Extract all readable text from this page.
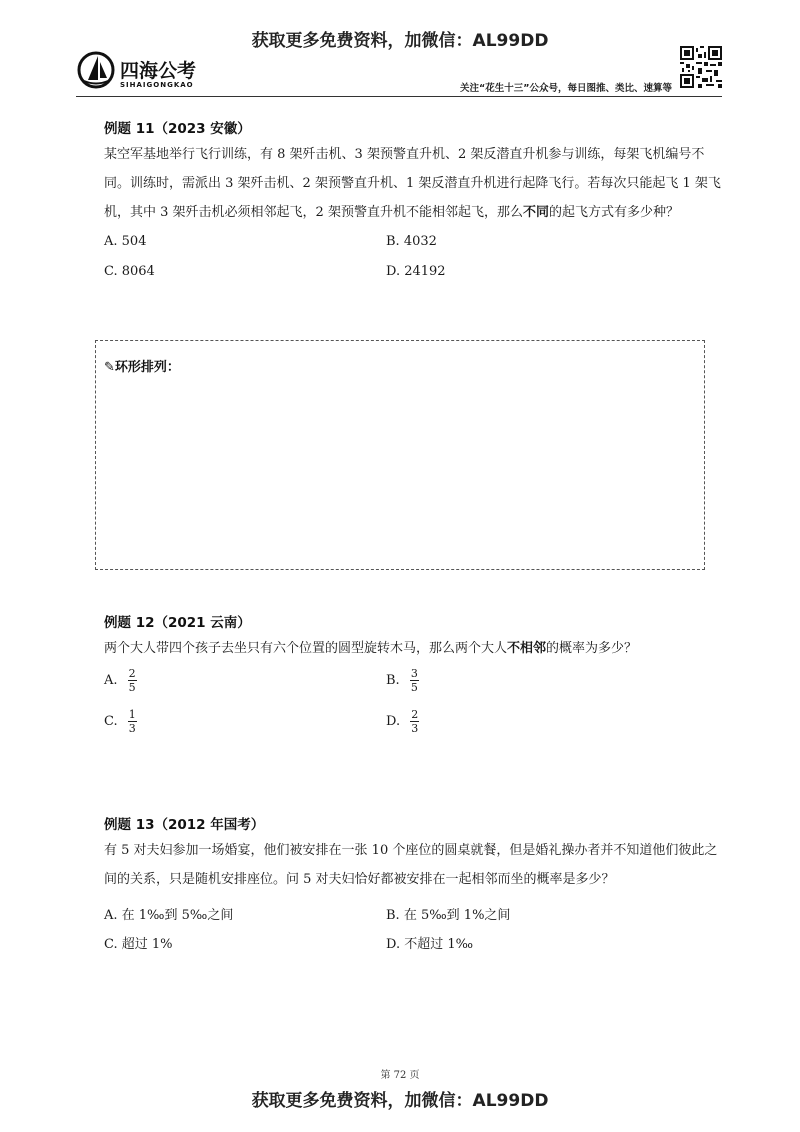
获取更多免费资料，加微信：AL99DD
四海公考
SIHAIGONGKAO	关注“花生十三”公众号，每日图推、类比、速算等
例题 11（2023 安徽）
某空军基地举行飞行训练，有 8 架歼击机、3 架预警直升机、2 架反潜直升机参与训练，每架飞机编号不同。训练时，需派出 3 架歼击机、2 架预警直升机、1 架反潜直升机进行起降飞行。若每次只能起飞 1 架飞机，其中 3 架歼击机必须相邻起飞，2 架预警直升机不能相邻起飞，那么不同的起飞方式有多少种？
A. 504	B. 4032
C. 8064	D. 24192
✎环形排列：
例题 12（2021 云南）
两个大人带四个孩子去坐只有六个位置的圆型旋转木马，那么两个大人不相邻的概率为多少？
A. $\frac{2}{5}$	B. $\frac{3}{5}$
C. $\frac{1}{3}$	D. $\frac{2}{3}$
例题 13（2012 年国考）
有 5 对夫妇参加一场婚宴，他们被安排在一张 10 个座位的圆桌就餐，但是婚礼操办者并不知道他们彼此之间的关系，只是随机安排座位。问 5 对夫妇恰好都被安排在一起相邻而坐的概率是多少？
A. 在 1‰到 5‰之间	B. 在 5‰到 1%之间
C. 超过 1%	D. 不超过 1‰
第 72 页
获取更多免费资料，加微信：AL99DD
